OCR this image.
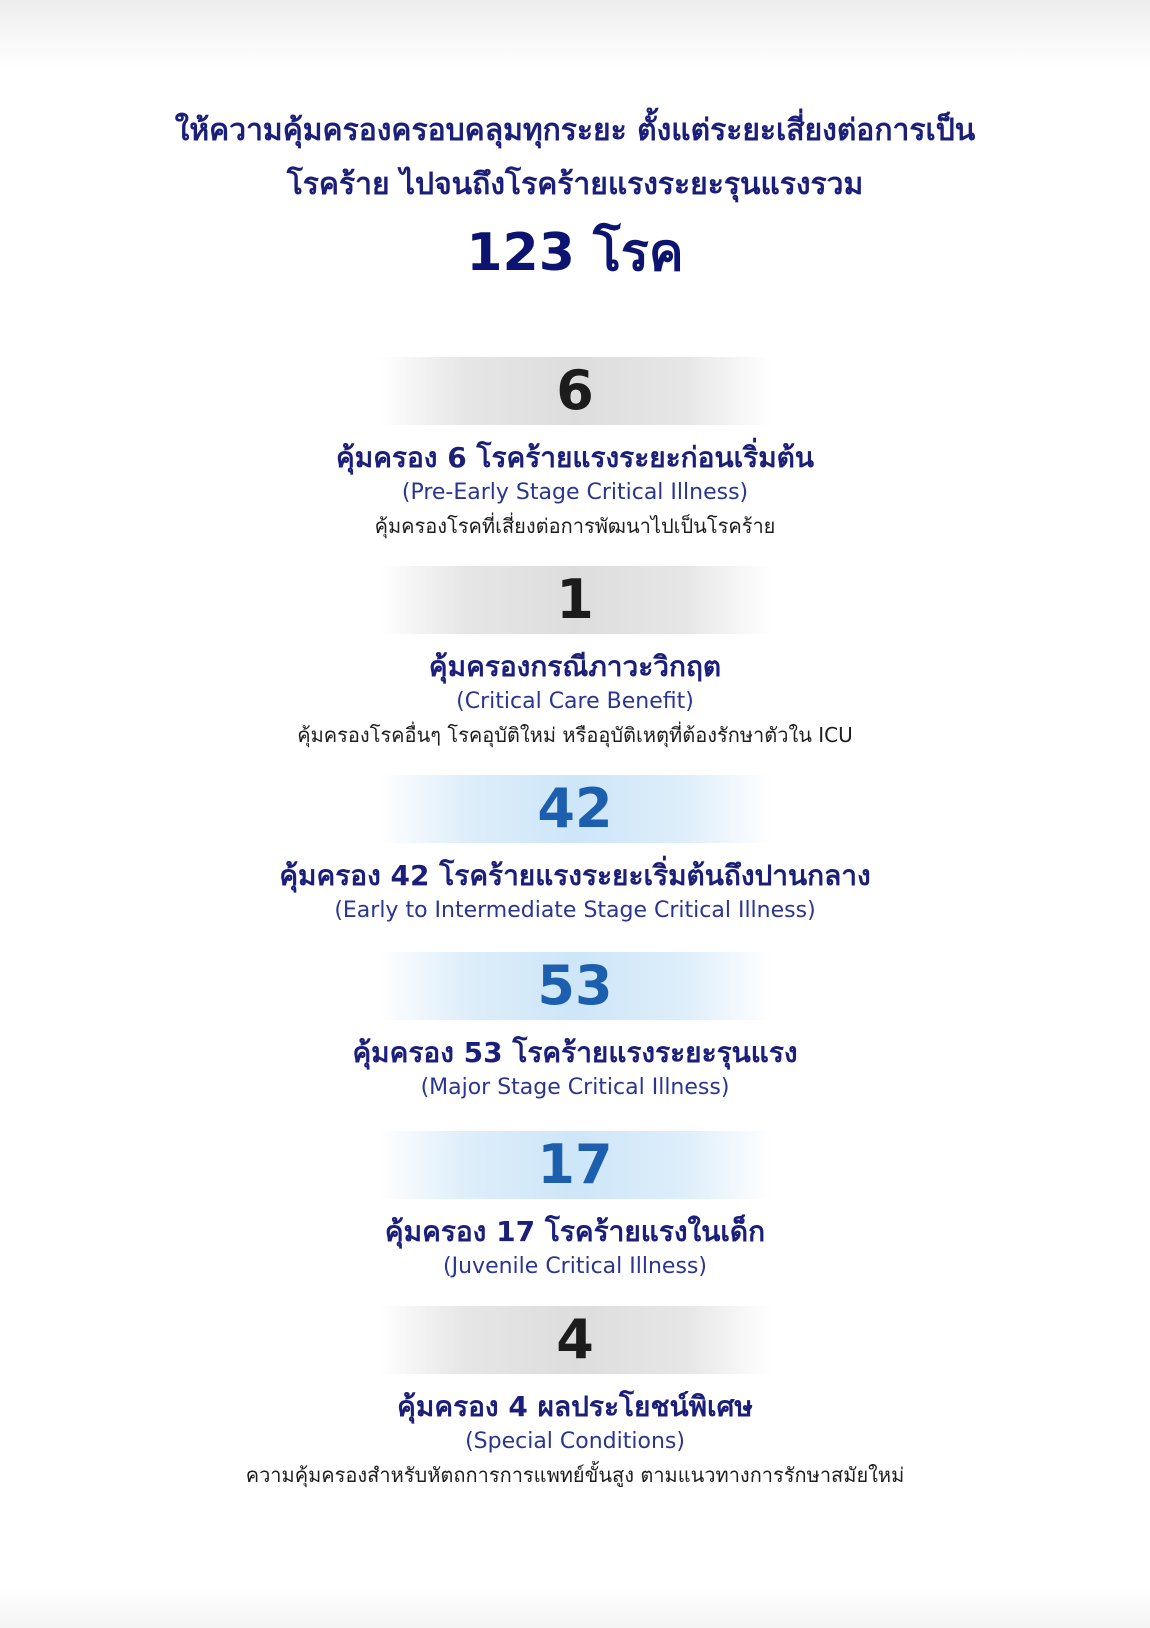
ให้ความคุ้มครองครอบคลุมทุกระยะ ตั้งแต่ระยะเสี่ยงต่อการเป็น
โรคร้าย ไปจนถึงโรคร้ายแรงระยะรุนแรงรวม
123 โรค
6
คุ้มครอง 6 โรคร้ายแรงระยะก่อนเริ่มต้น
(Pre-Early Stage Critical Illness)
คุ้มครองโรคที่เสี่ยงต่อการพัฒนาไปเป็นโรคร้าย
1
คุ้มครองกรณีภาวะวิกฤต
(Critical Care Benefit)
คุ้มครองโรคอื่นๆ โรคอุบัติใหม่ หรืออุบัติเหตุที่ต้องรักษาตัวใน ICU
42
คุ้มครอง 42 โรคร้ายแรงระยะเริ่มต้นถึงปานกลาง
(Early to Intermediate Stage Critical Illness)
53
คุ้มครอง 53 โรคร้ายแรงระยะรุนแรง
(Major Stage Critical Illness)
17
คุ้มครอง 17 โรคร้ายแรงในเด็ก
(Juvenile Critical Illness)
4
คุ้มครอง 4 ผลประโยชน์พิเศษ
(Special Conditions)
ความคุ้มครองสำหรับหัตถการการแพทย์ขั้นสูง ตามแนวทางการรักษาสมัยใหม่
